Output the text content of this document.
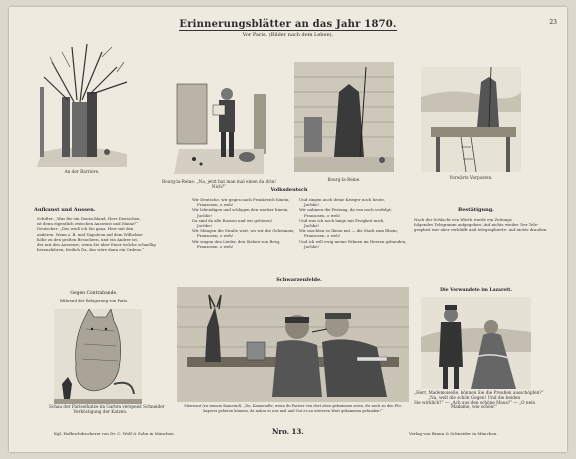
Erinnerungsblätter an das Jahr 1870.
Vor Paris. (Bilder nach dem Leben).
23
An der Barriere.
Bourg-la-Reine. „Na, jetzt hat man mal einen da drin! Nich?“
Bourg-la-Reine.	Vorwärts Vorposten.
Aufkunst und Aussen.
Schifter: „Was für ein Deutschland, Herr Deutschen,
ist denn eigentlich zwischen Aussenst und Mainz?“
Deutscher: „Das weiß ich Sie ganz, Herr mit den
anderen. Wenn z. B. mal Napoleon auf dem Wilhelms-
höhe zu den großen Besuchern, und ein Andrer ist,
der mit den Aussenst; wenn Sie aber Einer welche schnellig
herausfahren, freilich Da, das wäre dann ein Ordens.“
Volksdeutsch
Wir Deutsche, wir gegen nach Frankreich hinein;
Franzosen, o weh!
Wir lebendigen und schlagen den wacker hinein,
Juchhe!
Da sind da alle Russen und wir gehören!
Juchhe!
Wir Mängen die Straße weit, wo wir die Geheimnis;
Franzosen, o weh!
Wir singen den Lieder, den Sieben von Berg;
Franzosen, o weh!
Und singen auch deine Krieger noch heute,
Juchhe!
Wir nahmen die Festung, da von noch verfolgt;
Franzosen, o weh!
Und was ich noch lange mit Ewigkeit mich,
Juchhe!
Wir mochten es Ihnen mit — die Stadt zum Rhein;
Franzosen, o weh!
Und ich will ewig meine Fahnen im Herzen gebunden,
Juchhe!
Bestätigung.
Nach der Schlacht von Wörth wurde ein Zeitungs
folgendes Telegramm aufgegeben: Auf nichts wieder. Der Tele-
graphist war aber verblüfft und telegraphierte: Auf nichts draußen.
Gegen Contrabande.
Während der Belagerung von Paris.
Schau der Pariserkatze im Garten verspeist Schneider
Verköstigung der Katzen.
Schwarzenfelde.
Stiernaut (zu seinem Kamerad): „Du, Kameradle, wenn du Pariser von dort oben gekommen seien, ihr noch zu den Pfo-
kaperei gehören können, da nahm es uns mal und Gut er an weiteren Wart gekommen gefunden!“
Die Verwundete im Lazarett.
„Herr, Mademoiselle, können Sie die Preußen ausschöpfen?“
„Na, weit die schön Gegen! Und die beiden
Sie wirklich?“ — „Ach aus den schöne Maus?“ — „O nein
Madame, wie schön!“
Kgl. Hofbuchdruckerei von Dr. C. Wolf & Sohn in München.	Nro. 13.	Verlag von Braun & Schneider in München.
